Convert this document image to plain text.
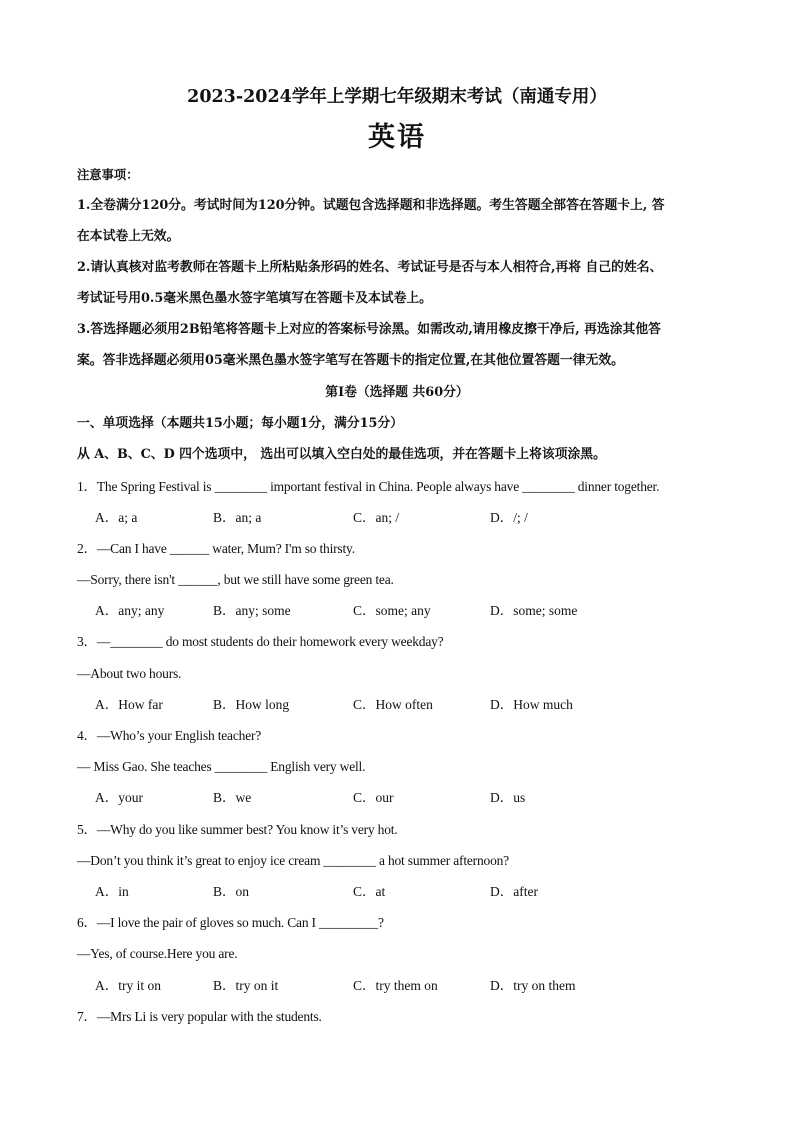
2023-2024学年上学期七年级期末考试（南通专用）
英语
注意事项：
1.全卷满分120分。考试时间为120分钟。试题包含选择题和非选择题。考生答题全部答在答题卡上, 答
在本试卷上无效。
2.请认真核对监考教师在答题卡上所粘贴条形码的姓名、考试证号是否与本人相符合,再将 自己的姓名、
考试证号用0.5毫米黑色墨水签字笔填写在答题卡及本试卷上。
3.答选择题必须用2B铅笔将答题卡上对应的答案标号涂黑。如需改动,请用橡皮擦干净后, 再选涂其他答
案。答非选择题必须用05毫米黑色墨水签字笔写在答题卡的指定位置,在其他位置答题一律无效。
第I卷（选择题 共60分）
一、单项选择（本题共15小题；每小题1分，满分15分）
从 A、B、C、D 四个选项中， 选出可以填入空白处的最佳选项，并在答题卡上将该项涂黑。
1．The Spring Festival is ________ important festival in China. People always have ________ dinner together.
A．a; a	B．an; a	C．an; /	D．/; /
2．—Can I have ______ water, Mum? I'm so thirsty.
—Sorry, there isn't ______, but we still have some green tea.
A．any; any	B．any; some	C．some; any	D．some; some
3．—________ do most students do their homework every weekday?
—About two hours.
A．How far	B．How long	C．How often	D．How much
4．—Who’s your English teacher?
— Miss Gao. She teaches ________ English very well.
A．your	B．we	C．our	D．us
5．—Why do you like summer best? You know it’s very hot.
—Don’t you think it’s great to enjoy ice cream ________ a hot summer afternoon?
A．in	B．on	C．at	D．after
6．—I love the pair of gloves so much. Can I _________?
—Yes, of course.Here you are.
A．try it on	B．try on it	C．try them on	D．try on them
7．—Mrs Li is very popular with the students.
